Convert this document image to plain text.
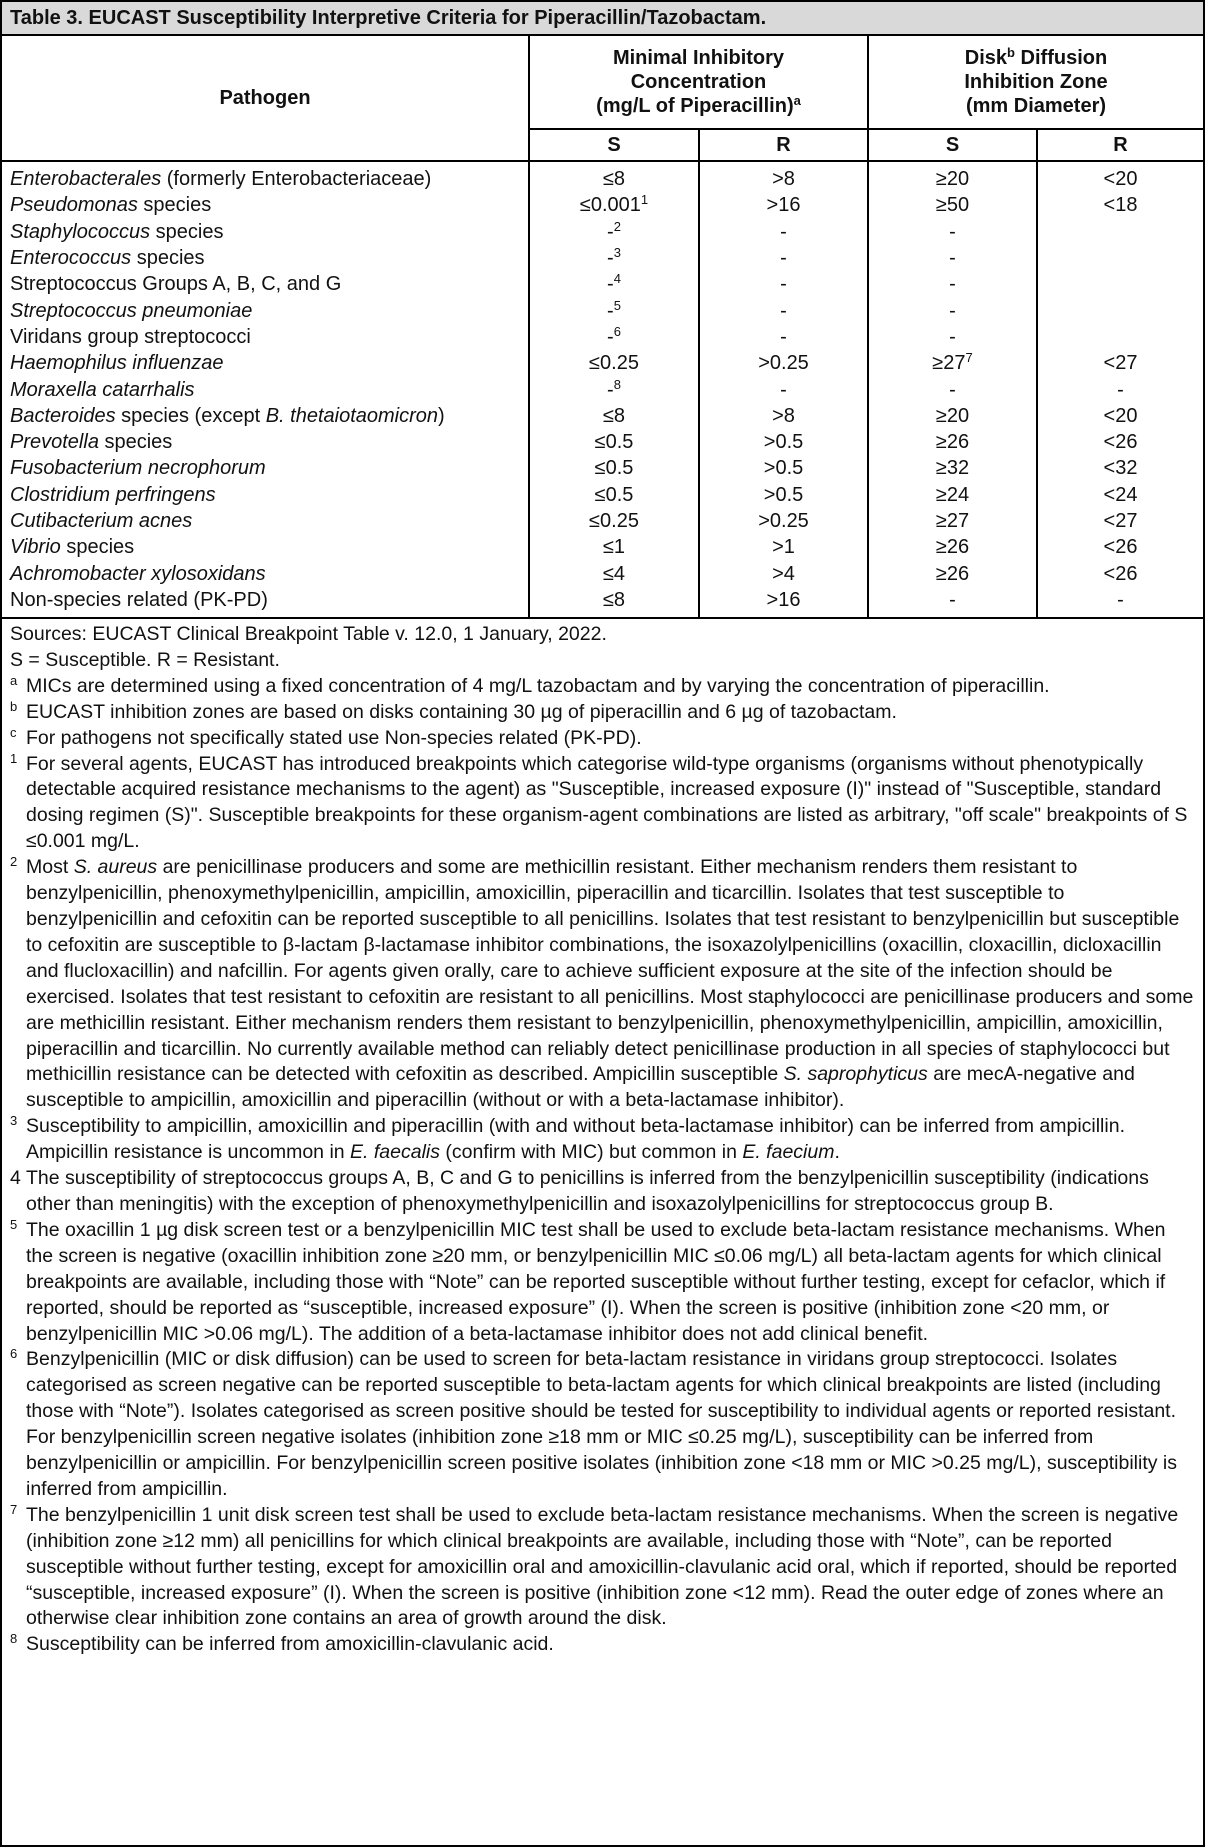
Table 3. EUCAST Susceptibility Interpretive Criteria for Piperacillin/Tazobactam.
Pathogen	Minimal Inhibitory
Concentration
(mg/L of Piperacillin)$^a$		Disk$^b$ Diffusion
Inhibition Zone
(mm Diameter)	
	S	R	S	R
Enterobacterales (formerly Enterobacteriaceae)	≤8	>8	≥20	<20
Pseudomonas species	$\le 0.001^1$	>16	≥50	<18
Staphylococcus species	-$^2$	-	-	
Enterococcus species	-$^3$	-	-	
Streptococcus Groups A, B, C, and G	-$^4$	-	-	
Streptococcus pneumoniae	-$^5$	-	-	
Viridans group streptococci	-$^6$	-	-	
Haemophilus influenzae	≤0.25	>0.25	$\ge 27^7$	<27
Moraxella catarrhalis	-$^8$	-	-	-
Bacteroides species (except B. thetaiotaomicron)	≤8	>8	≥20	<20
Prevotella species	≤0.5	>0.5	≥26	<26
Fusobacterium necrophorum	≤0.5	>0.5	≥32	<32
Clostridium perfringens	≤0.5	>0.5	≥24	<24
Cutibacterium acnes	≤0.25	>0.25	≥27	<27
Vibrio species	≤1	>1	≥26	<26
Achromobacter xylosoxidans	≤4	>4	≥26	<26
Non-species related (PK-PD)	≤8	>16	-	-

Sources: EUCAST Clinical Breakpoint Table v. 12.0, 1 January, 2022.

S = Susceptible. R = Resistant.

a MICs are determined using a fixed concentration of 4 mg/L tazobactam and by varying the concentration of piperacillin.

b EUCAST inhibition zones are based on disks containing 30 µg of piperacillin and 6 µg of tazobactam.

c For pathogens not specifically stated use Non-species related (PK-PD).

1 For several agents, EUCAST has introduced breakpoints which categorise wild-type organisms (organisms without phenotypically detectable acquired resistance mechanisms to the agent) as "Susceptible, increased exposure (I)" instead of "Susceptible, standard dosing regimen (S)". Susceptible breakpoints for these organism-agent combinations are listed as arbitrary, "off scale" breakpoints of S ≤0.001 mg/L.

2 Most S. aureus are penicillinase producers and some are methicillin resistant. Either mechanism renders them resistant to benzylpenicillin, phenoxymethylpenicillin, ampicillin, amoxicillin, piperacillin and ticarcillin. Isolates that test susceptible to benzylpenicillin and cefoxitin can be reported susceptible to all penicillins. Isolates that test resistant to benzylpenicillin but susceptible to cefoxitin are susceptible to β-lactam β-lactamase inhibitor combinations, the isoxazolylpenicillins (oxacillin, cloxacillin, dicloxacillin and flucloxacillin) and nafcillin. For agents given orally, care to achieve sufficient exposure at the site of the infection should be exercised. Isolates that test resistant to cefoxitin are resistant to all penicillins. Most staphylococci are penicillinase producers and some are methicillin resistant. Either mechanism renders them resistant to benzylpenicillin, phenoxymethylpenicillin, ampicillin, amoxicillin, piperacillin and ticarcillin. No currently available method can reliably detect penicillinase production in all species of staphylococci but methicillin resistance can be detected with cefoxitin as described. Ampicillin susceptible S. saprophyticus are mecA-negative and susceptible to ampicillin, amoxicillin and piperacillin (without or with a beta-lactamase inhibitor).

3 Susceptibility to ampicillin, amoxicillin and piperacillin (with and without beta-lactamase inhibitor) can be inferred from ampicillin. Ampicillin resistance is uncommon in E. faecalis (confirm with MIC) but common in E. faecium.

4 The susceptibility of streptococcus groups A, B, C and G to penicillins is inferred from the benzylpenicillin susceptibility (indications other than meningitis) with the exception of phenoxymethylpenicillin and isoxazolylpenicillins for streptococcus group B.

5 The oxacillin 1 µg disk screen test or a benzylpenicillin MIC test shall be used to exclude beta-lactam resistance mechanisms. When the screen is negative (oxacillin inhibition zone ≥20 mm, or benzylpenicillin MIC ≤0.06 mg/L) all beta-lactam agents for which clinical breakpoints are available, including those with “Note” can be reported susceptible without further testing, except for cefaclor, which if reported, should be reported as “susceptible, increased exposure” (I). When the screen is positive (inhibition zone <20 mm, or benzylpenicillin MIC >0.06 mg/L). The addition of a beta-lactamase inhibitor does not add clinical benefit.

6 Benzylpenicillin (MIC or disk diffusion) can be used to screen for beta-lactam resistance in viridans group streptococci. Isolates categorised as screen negative can be reported susceptible to beta-lactam agents for which clinical breakpoints are listed (including those with “Note”). Isolates categorised as screen positive should be tested for susceptibility to individual agents or reported resistant. For benzylpenicillin screen negative isolates (inhibition zone ≥18 mm or MIC ≤0.25 mg/L), susceptibility can be inferred from benzylpenicillin or ampicillin. For benzylpenicillin screen positive isolates (inhibition zone <18 mm or MIC >0.25 mg/L), susceptibility is inferred from ampicillin.

7 The benzylpenicillin 1 unit disk screen test shall be used to exclude beta-lactam resistance mechanisms. When the screen is negative (inhibition zone ≥12 mm) all penicillins for which clinical breakpoints are available, including those with “Note”, can be reported susceptible without further testing, except for amoxicillin oral and amoxicillin-clavulanic acid oral, which if reported, should be reported “susceptible, increased exposure” (I). When the screen is positive (inhibition zone <12 mm). Read the outer edge of zones where an otherwise clear inhibition zone contains an area of growth around the disk.

8 Susceptibility can be inferred from amoxicillin-clavulanic acid.
